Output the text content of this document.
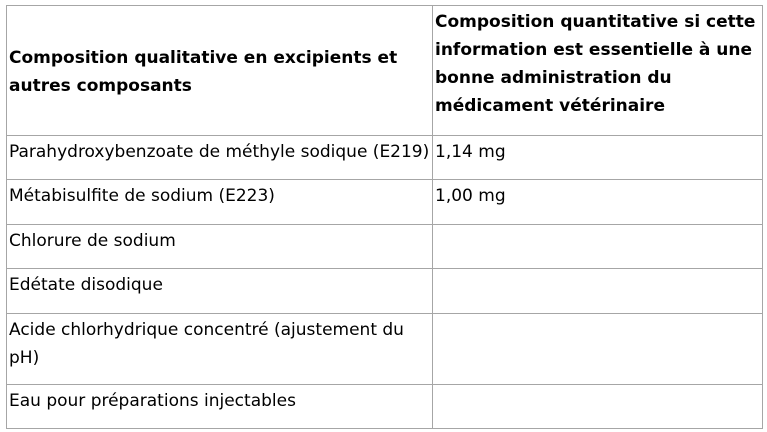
Composition qualitative en excipients et autres composants	Composition quantitative si cette information est essentielle à une bonne administration du médicament vétérinaire
Parahydroxybenzoate de méthyle sodique (E219)	1,14 mg
Métabisulfite de sodium (E223)	1,00 mg
Chlorure de sodium	
Edétate disodique	
Acide chlorhydrique concentré (ajustement du pH)	
Eau pour préparations injectables	
